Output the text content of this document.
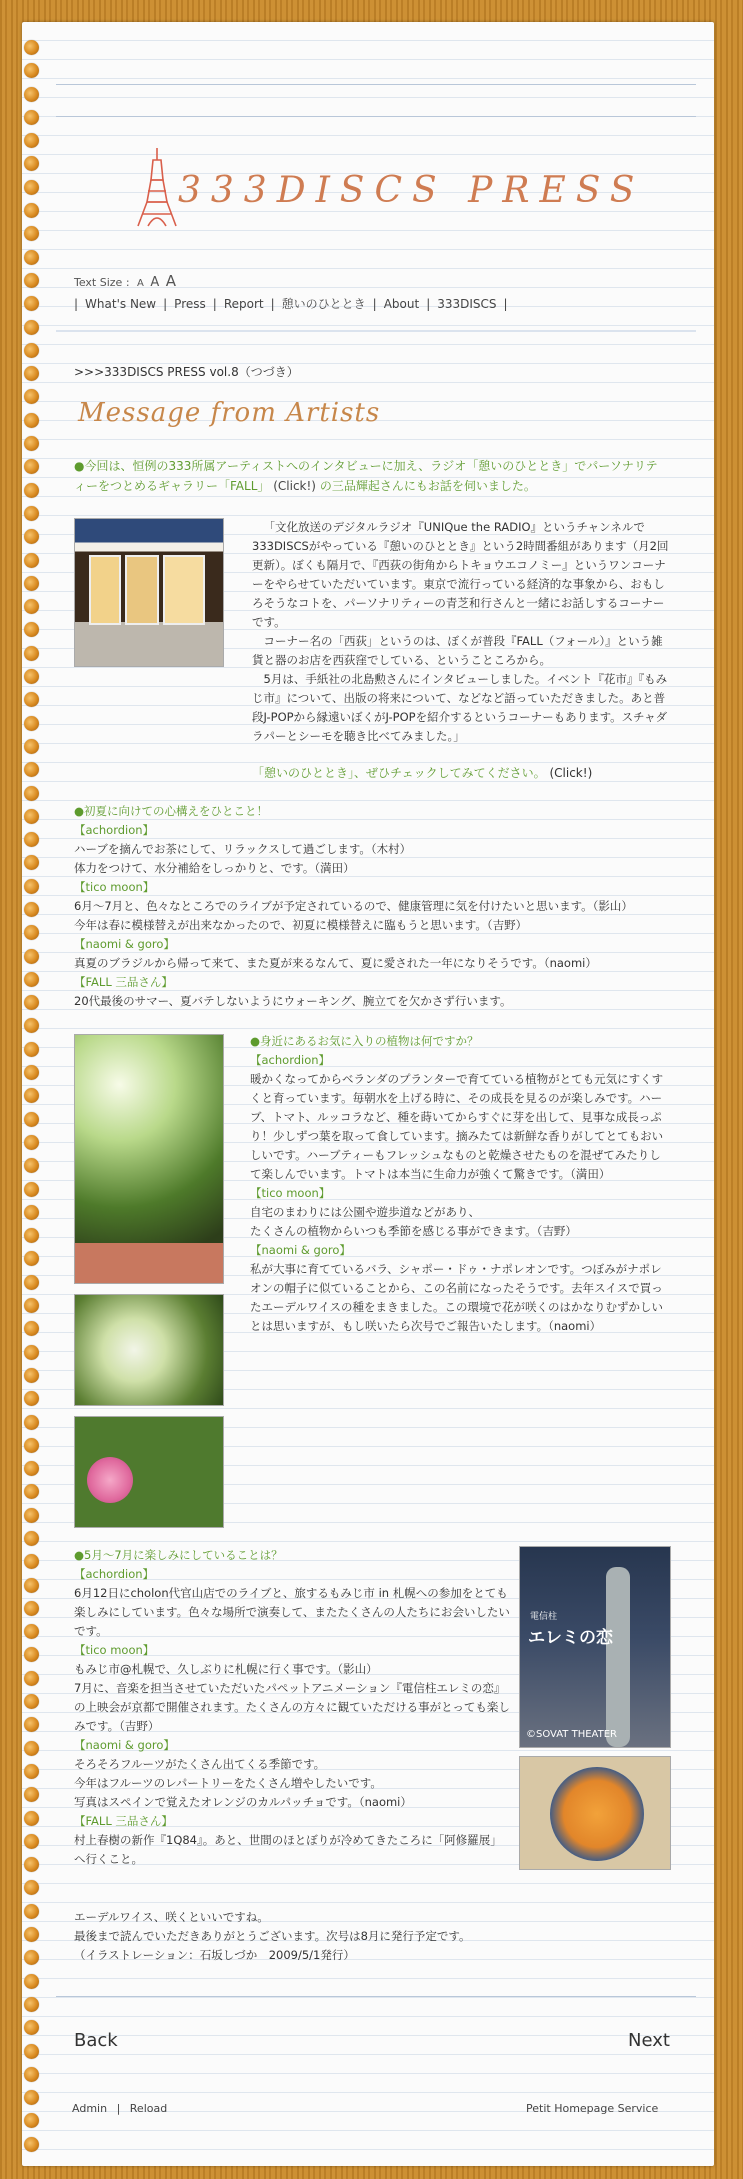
333DISCS PRESS
Text Size : A A A
| What's New | Press | Report | 憩いのひととき | About | 333DISCS |
>>>333DISCS PRESS vol.8（つづき）
Message from Artists
●今回は、恒例の333所属アーティストへのインタビューに加え、ラジオ「憩いのひととき」でパーソナリティーをつとめるギャラリー「FALL」 (Click!) の三品輝起さんにもお話を伺いました。

「文化放送のデジタルラジオ『UNIQue the RADIO』というチャンネルで333DISCSがやっている『憩いのひととき』という2時間番組があります（月2回更新）。ぼくも隔月で、『西荻の街角からトキョウエコノミー』というワンコーナーをやらせていただいています。東京で流行っている経済的な事象から、おもしろそうなコトを、パーソナリティーの青芝和行さんと一緒にお話しするコーナーです。

コーナー名の「西荻」というのは、ぼくが普段『FALL（フォール）』という雑貨と器のお店を西荻窪でしている、ということころから。

5月は、手紙社の北島勲さんにインタビューしました。イベント『花市』『もみじ市』について、出版の将来について、などなど語っていただきました。あと普段J-POPから縁遠いぼくがJ-POPを紹介するというコーナーもあります。スチャダラパーとシーモを聴き比べてみました。」

「憩いのひととき」、ぜひチェックしてみてください。 (Click!)
●初夏に向けての心構えをひとこと！
【achordion】
ハーブを摘んでお茶にして、リラックスして過ごします。（木村）
体力をつけて、水分補給をしっかりと、です。（満田）
【tico moon】
6月〜7月と、色々なところでのライブが予定されているので、健康管理に気を付けたいと思います。（影山）
今年は春に模様替えが出来なかったので、初夏に模様替えに臨もうと思います。（吉野）
【naomi & goro】
真夏のブラジルから帰って来て、また夏が来るなんて、夏に愛された一年になりそうです。（naomi）
【FALL 三品さん】
20代最後のサマー、夏バテしないようにウォーキング、腕立てを欠かさず行います。
●身近にあるお気に入りの植物は何ですか？
【achordion】
暖かくなってからベランダのプランターで育てている植物がとても元気にすくすくと育っています。毎朝水を上げる時に、その成長を見るのが楽しみです。ハーブ、トマト、ルッコラなど、種を蒔いてからすぐに芽を出して、見事な成長っぷり！少しずつ葉を取って食しています。摘みたては新鮮な香りがしてとてもおいしいです。ハーブティーもフレッシュなものと乾燥させたものを混ぜてみたりして楽しんでいます。トマトは本当に生命力が強くて驚きです。（満田）
【tico moon】
自宅のまわりには公園や遊歩道などがあり、
たくさんの植物からいつも季節を感じる事ができます。（吉野）
【naomi & goro】
私が大事に育てているバラ、シャポー・ドゥ・ナポレオンです。つぼみがナポレオンの帽子に似ていることから、この名前になったそうです。去年スイスで買ったエーデルワイスの種をまきました。この環境で花が咲くのはかなりむずかしいとは思いますが、もし咲いたら次号でご報告いたします。（naomi）
●5月〜7月に楽しみにしていることは？
【achordion】
6月12日にcholon代官山店でのライブと、旅するもみじ市 in 札幌への参加をとても楽しみにしています。色々な場所で演奏して、またたくさんの人たちにお会いしたいです。
【tico moon】
もみじ市@札幌で、久しぶりに札幌に行く事です。（影山）
7月に、音楽を担当させていただいたパペットアニメーション『電信柱エレミの恋』の上映会が京都で開催されます。たくさんの方々に観ていただける事がとっても楽しみです。（吉野）
【naomi & goro】
そろそろフルーツがたくさん出てくる季節です。
今年はフルーツのレパートリーをたくさん増やしたいです。
写真はスペインで覚えたオレンジのカルパッチョです。（naomi）
【FALL 三品さん】
村上春樹の新作『1Q84』。あと、世間のほとぼりが冷めてきたころに「阿修羅展」へ行くこと。
電信柱
エレミの恋
©SOVAT THEATER

エーデルワイス、咲くといいですね。

最後まで読んでいただきありがとうございます。次号は8月に発行予定です。

（イラストレーション：石坂しづか　2009/5/1発行）

Back	Next
Admin | Reload	Petit Homepage Service
